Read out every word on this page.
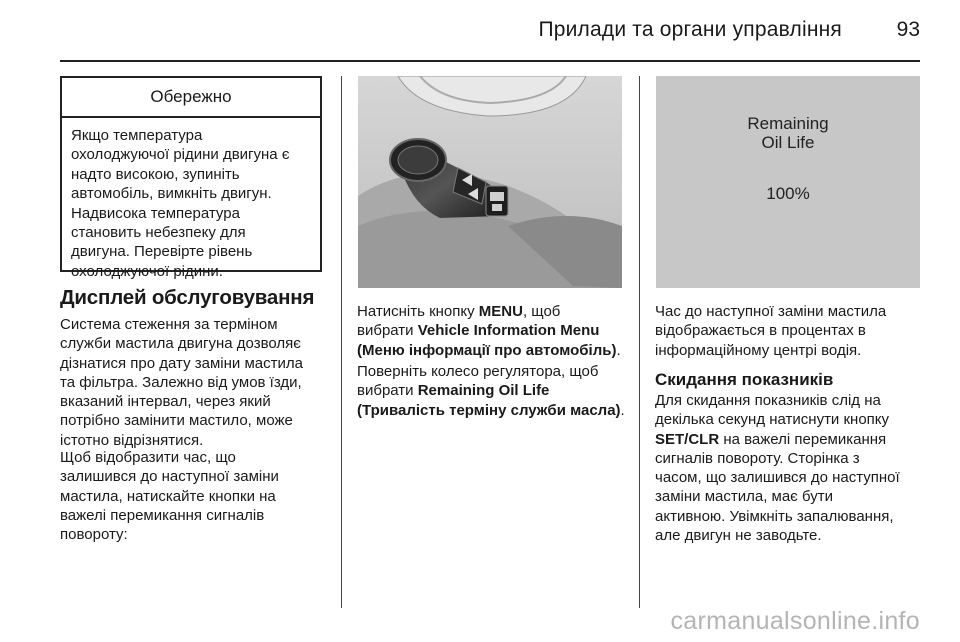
Прилади та органи управління	93
Обережно
Якщо температура
охолоджуючої рідини двигуна є
надто високою, зупиніть
автомобіль, вимкніть двигун.
Надвисока температура
становить небезпеку для
двигуна. Перевірте рівень
охолоджуючої рідини.
Дисплей обслуговування
Система стеження за терміном
служби мастила двигуна дозволяє
дізнатися про дату заміни мастила
та фільтра. Залежно від умов їзди,
вказаний інтервал, через який
потрібно замінити мастило, може
істотно відрізнятися.
Щоб відобразити час, що
залишився до наступної заміни
мастила, натискайте кнопки на
важелі перемикання сигналів
повороту:
Натисніть кнопку MENU, щоб
вибрати Vehicle Information Menu
(Меню інформації про автомобіль).
Поверніть колесо регулятора, щоб
вибрати Remaining Oil Life
(Тривалість терміну служби масла).
Remaining
Oil Life
100%
Час до наступної заміни мастила
відображається в процентах в
інформаційному центрі водія.
Скидання показників
Для скидання показників слід на
декілька секунд натиснути кнопку
SET/CLR на важелі перемикання
сигналів повороту. Сторінка з
часом, що залишився до наступної
заміни мастила, має бути
активною. Увімкніть запалювання,
але двигун не заводьте.
carmanualsonline.info
